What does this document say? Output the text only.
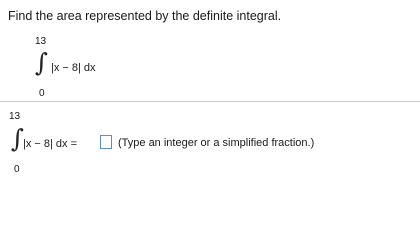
Find the area represented by the definite integral.
13
∫ |x − 8| dx
0
13
∫
|x − 8| dx =
0
(Type an integer or a simplified fraction.)
